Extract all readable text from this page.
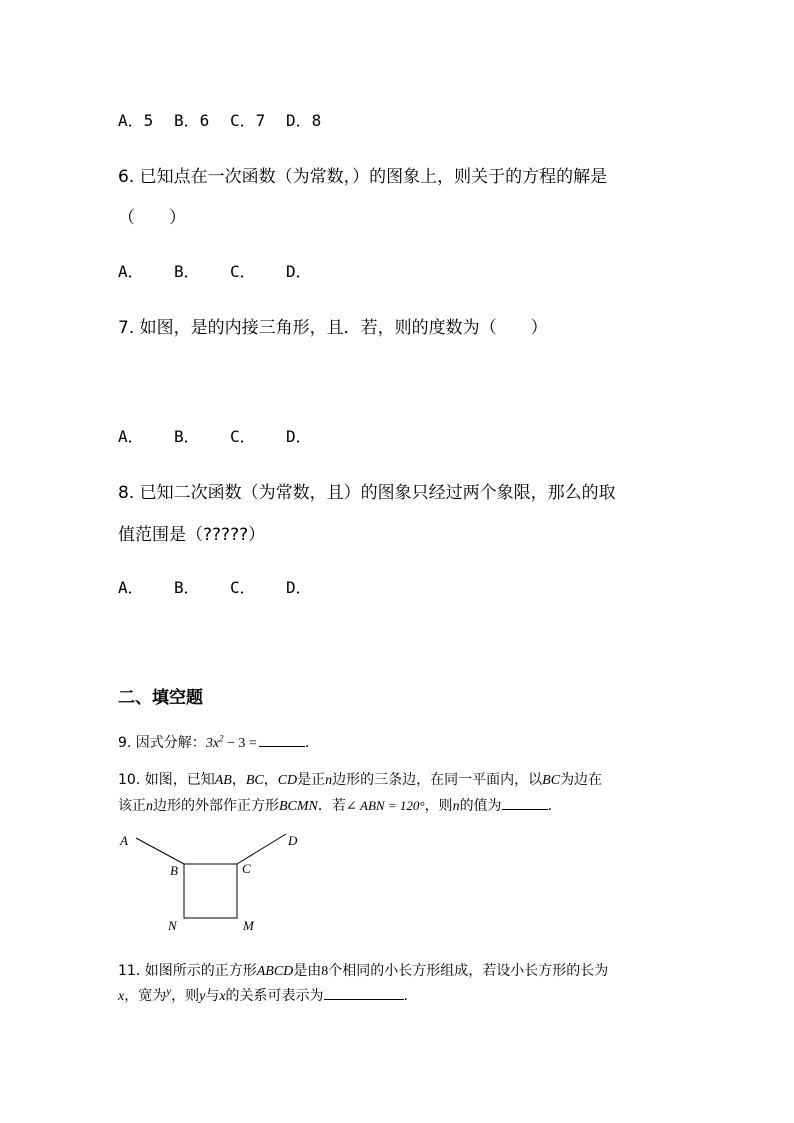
A．5 B．6 C．7 D．8
6. 已知点在一次函数（为常数，）的图象上，则关于的方程的解是
（　　）
A． B． C． D．
7. 如图，是的内接三角形，且．若，则的度数为（　　）
A． B． C． D．
8. 已知二次函数（为常数，且）的图象只经过两个象限，那么的取
值范围是（?????）
A． B． C． D．
二、填空题
9. 因式分解：$3x^2 - 3$ =	.
10. 如图，已知AB，BC，CD是正n边形的三条边，在同一平面内，以BC为边在
该正n边形的外部作正方形BCMN．若∠ ABN = 120°，则n的值为	.
A
B	C
D
N	M
11. 如图所示的正方形ABCD是由8个相同的小长方形组成，若设小长方形的长为
x，宽为$^y$，则y与x的关系可表示为	.
